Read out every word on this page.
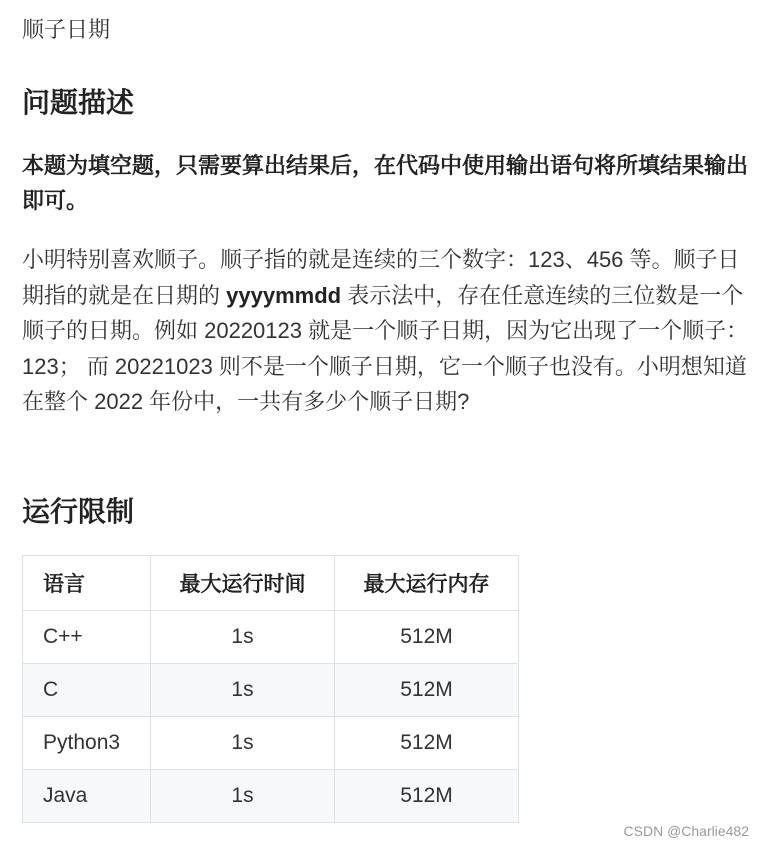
顺子日期
问题描述
本题为填空题，只需要算出结果后，在代码中使用输出语句将所填结果输出即可。
小明特别喜欢顺子。顺子指的就是连续的三个数字：123、456 等。顺子日期指的就是在日期的 yyyymmdd 表示法中，存在任意连续的三位数是一个顺子的日期。例如 20220123 就是一个顺子日期，因为它出现了一个顺子：123； 而 20221023 则不是一个顺子日期，它一个顺子也没有。小明想知道在整个 2022 年份中，一共有多少个顺子日期?
运行限制
语言	最大运行时间	最大运行内存
C++	1s	512M
C	1s	512M
Python3	1s	512M
Java	1s	512M
CSDN @Charlie482
